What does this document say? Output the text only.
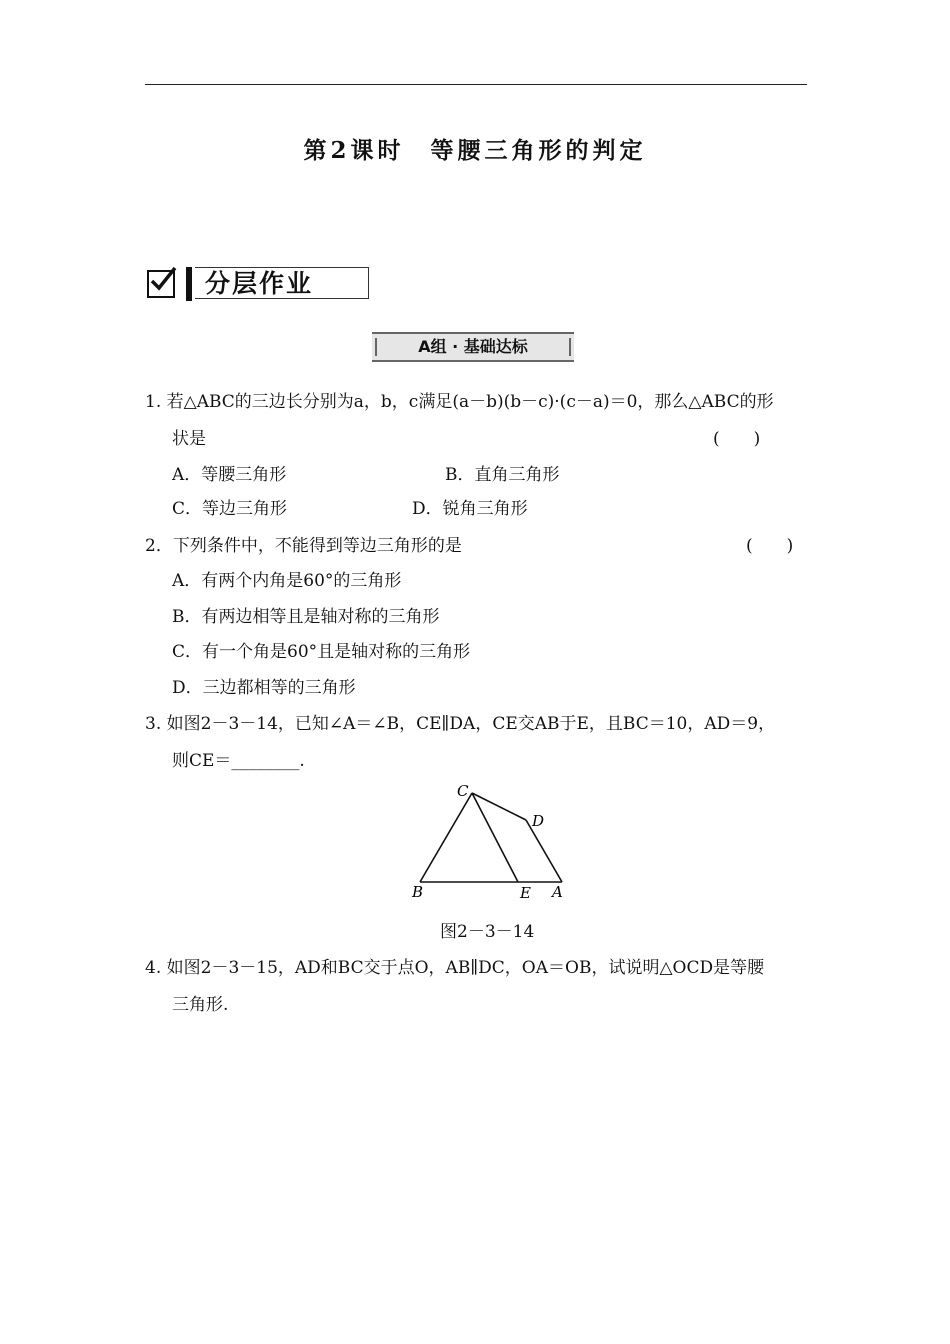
第2课时 等腰三角形的判定
分层作业
A组 · 基础达标
1. 若△ABC的三边长分别为a，b，c满足(a－b)(b－c)·(c－a)＝0，那么△ABC的形
状是	(　　)
A．等腰三角形	B．直角三角形
C．等边三角形	D．锐角三角形
2．下列条件中，不能得到等边三角形的是	(　　)
A．有两个内角是60°的三角形
B．有两边相等且是轴对称的三角形
C．有一个角是60°且是轴对称的三角形
D．三边都相等的三角形
3. 如图2－3－14，已知∠A＝∠B，CE∥DA，CE交AB于E，且BC＝10，AD＝9，
则CE＝________.
C
D
B	E A
图2－3－14
4. 如图2－3－15，AD和BC交于点O，AB∥DC，OA＝OB，试说明△OCD是等腰
三角形.
